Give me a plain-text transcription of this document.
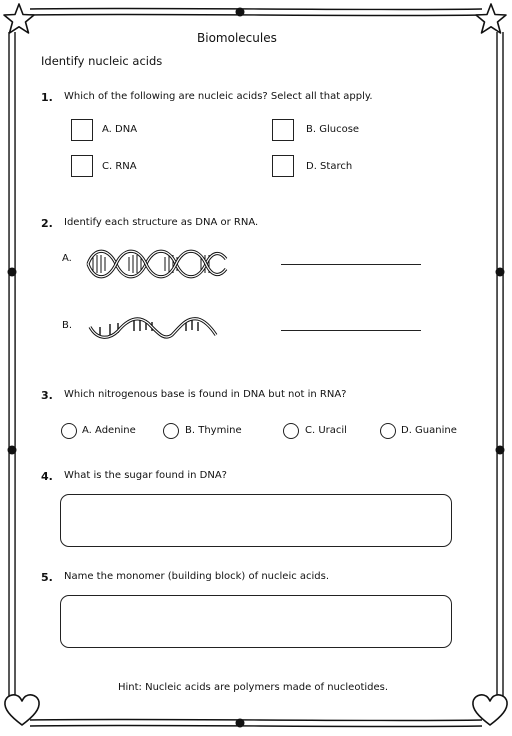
Biomolecules
Identify nucleic acids
1. Which of the following are nucleic acids? Select all that apply.
A. DNA	B. Glucose
C. RNA	D. Starch
2. Identify each structure as DNA or RNA.
A.
B.
3. Which nitrogenous base is found in DNA but not in RNA?
A. Adenine	B. Thymine	C. Uracil	D. Guanine
4. What is the sugar found in DNA?
5. Name the monomer (building block) of nucleic acids.
Hint: Nucleic acids are polymers made of nucleotides.
